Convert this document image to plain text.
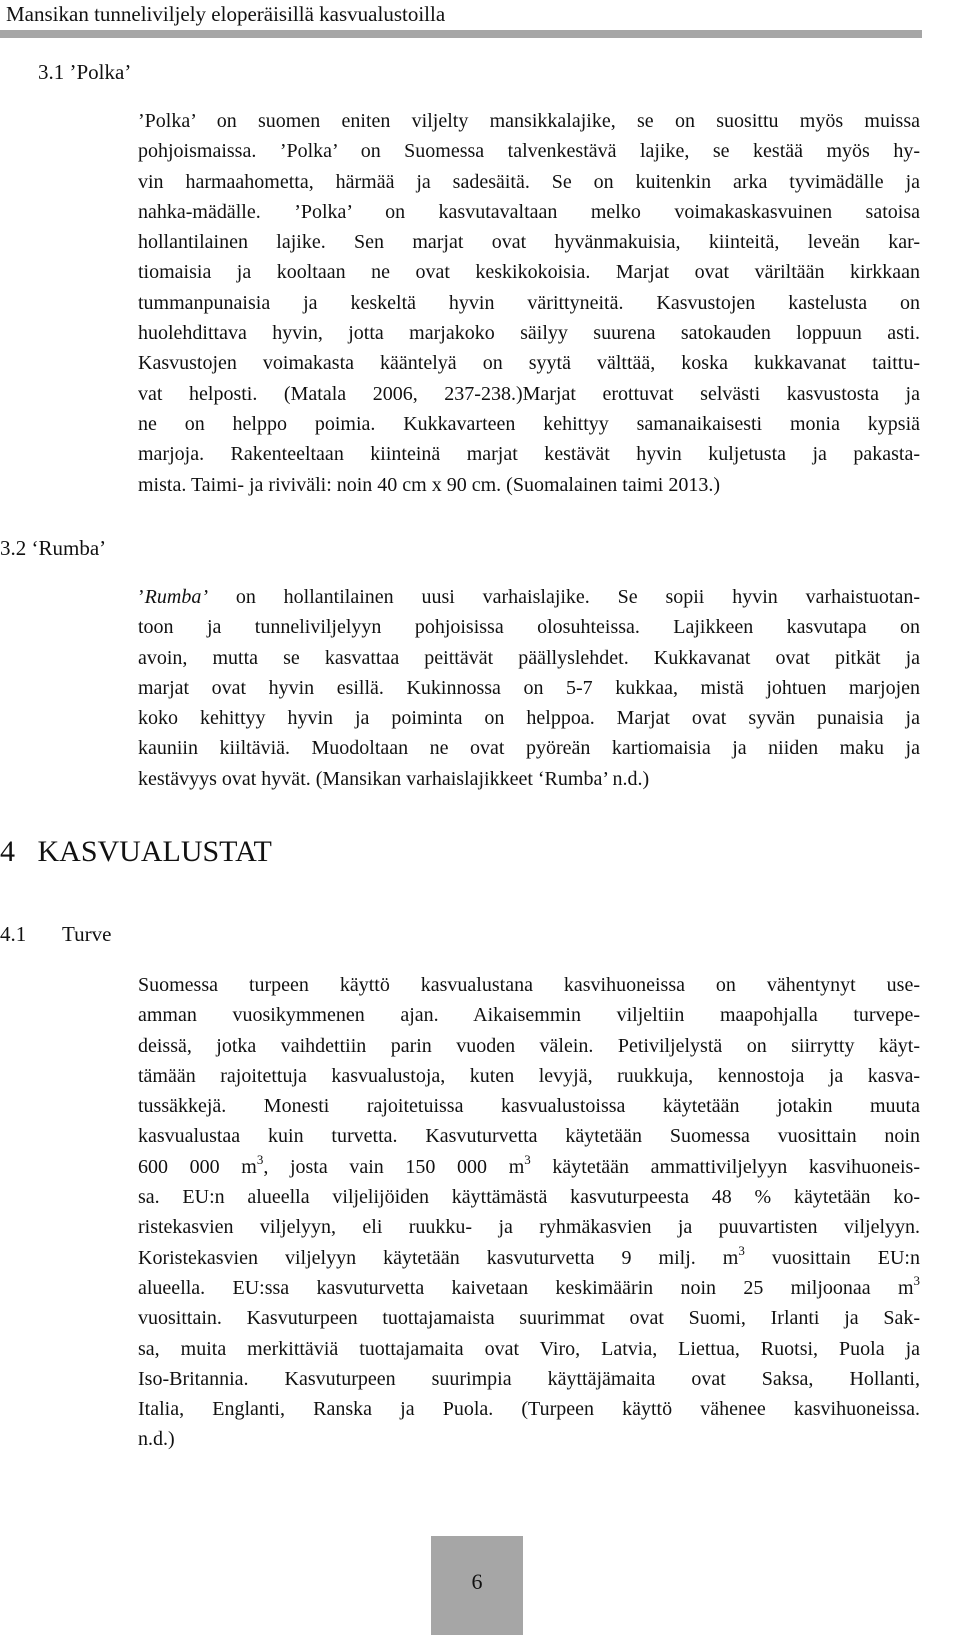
Mansikan tunneliviljely eloperäisillä kasvualustoilla
3.1 ’Polka’
’Polka’ on suomen eniten viljelty mansikkalajike, se on suosittu myös muissa
pohjoismaissa. ’Polka’ on Suomessa talvenkestävä lajike, se kestää myös hy-
vin harmaahometta, härmää ja sadesäitä. Se on kuitenkin arka tyvimädälle ja
nahka-mädälle. ’Polka’ on kasvutavaltaan melko voimakaskasvuinen satoisa
hollantilainen lajike. Sen marjat ovat hyvänmakuisia, kiinteitä, leveän kar-
tiomaisia ja kooltaan ne ovat keskikokoisia. Marjat ovat väriltään kirkkaan
tummanpunaisia ja keskeltä hyvin värittyneitä. Kasvustojen kastelusta on
huolehdittava hyvin, jotta marjakoko säilyy suurena satokauden loppuun asti.
Kasvustojen voimakasta kääntelyä on syytä välttää, koska kukkavanat taittu-
vat helposti. (Matala 2006, 237-238.)Marjat erottuvat selvästi kasvustosta ja
ne on helppo poimia. Kukkavarteen kehittyy samanaikaisesti monia kypsiä
marjoja. Rakenteeltaan kiinteinä marjat kestävät hyvin kuljetusta ja pakasta-
mista. Taimi- ja riviväli: noin 40 cm x 90 cm. (Suomalainen taimi 2013.)
3.2 ‘Rumba’
’Rumba’ on hollantilainen uusi varhaislajike. Se sopii hyvin varhaistuotan-
toon ja tunneliviljelyyn pohjoisissa olosuhteissa. Lajikkeen kasvutapa on
avoin, mutta se kasvattaa peittävät päällyslehdet. Kukkavanat ovat pitkät ja
marjat ovat hyvin esillä. Kukinnossa on 5-7 kukkaa, mistä johtuen marjojen
koko kehittyy hyvin ja poiminta on helppoa. Marjat ovat syvän punaisia ja
kauniin kiiltäviä. Muodoltaan ne ovat pyöreän kartiomaisia ja niiden maku ja
kestävyys ovat hyvät. (Mansikan varhaislajikkeet ‘Rumba’ n.d.)
4   KASVUALUSTAT
4.1 Turve
Suomessa turpeen käyttö kasvualustana kasvihuoneissa on vähentynyt use-
amman vuosikymmenen ajan. Aikaisemmin viljeltiin maapohjalla turvepe-
deissä, jotka vaihdettiin parin vuoden välein. Petiviljelystä on siirrytty käyt-
tämään rajoitettuja kasvualustoja, kuten levyjä, ruukkuja, kennostoja ja kasva-
tussäkkejä. Monesti rajoitetuissa kasvualustoissa käytetään jotakin muuta
kasvualustaa kuin turvetta. Kasvuturvetta käytetään Suomessa vuosittain noin
600 000 $m^3$, josta vain 150 000 $m^3$ käytetään ammattiviljelyyn kasvihuoneis-
sa. EU:n alueella viljelijöiden käyttämästä kasvuturpeesta 48 % käytetään ko-
ristekasvien viljelyyn, eli ruukku- ja ryhmäkasvien ja puuvartisten viljelyyn.
Koristekasvien viljelyyn käytetään kasvuturvetta 9 milj. $m^3$ vuosittain EU:n
alueella. EU:ssa kasvuturvetta kaivetaan keskimäärin noin 25 miljoonaa $m^3$
vuosittain. Kasvuturpeen tuottajamaista suurimmat ovat Suomi, Irlanti ja Sak-
sa, muita merkittäviä tuottajamaita ovat Viro, Latvia, Liettua, Ruotsi, Puola ja
Iso-Britannia. Kasvuturpeen suurimpia käyttäjämaita ovat Saksa, Hollanti,
Italia, Englanti, Ranska ja Puola. (Turpeen käyttö vähenee kasvihuoneissa.
n.d.)
6
